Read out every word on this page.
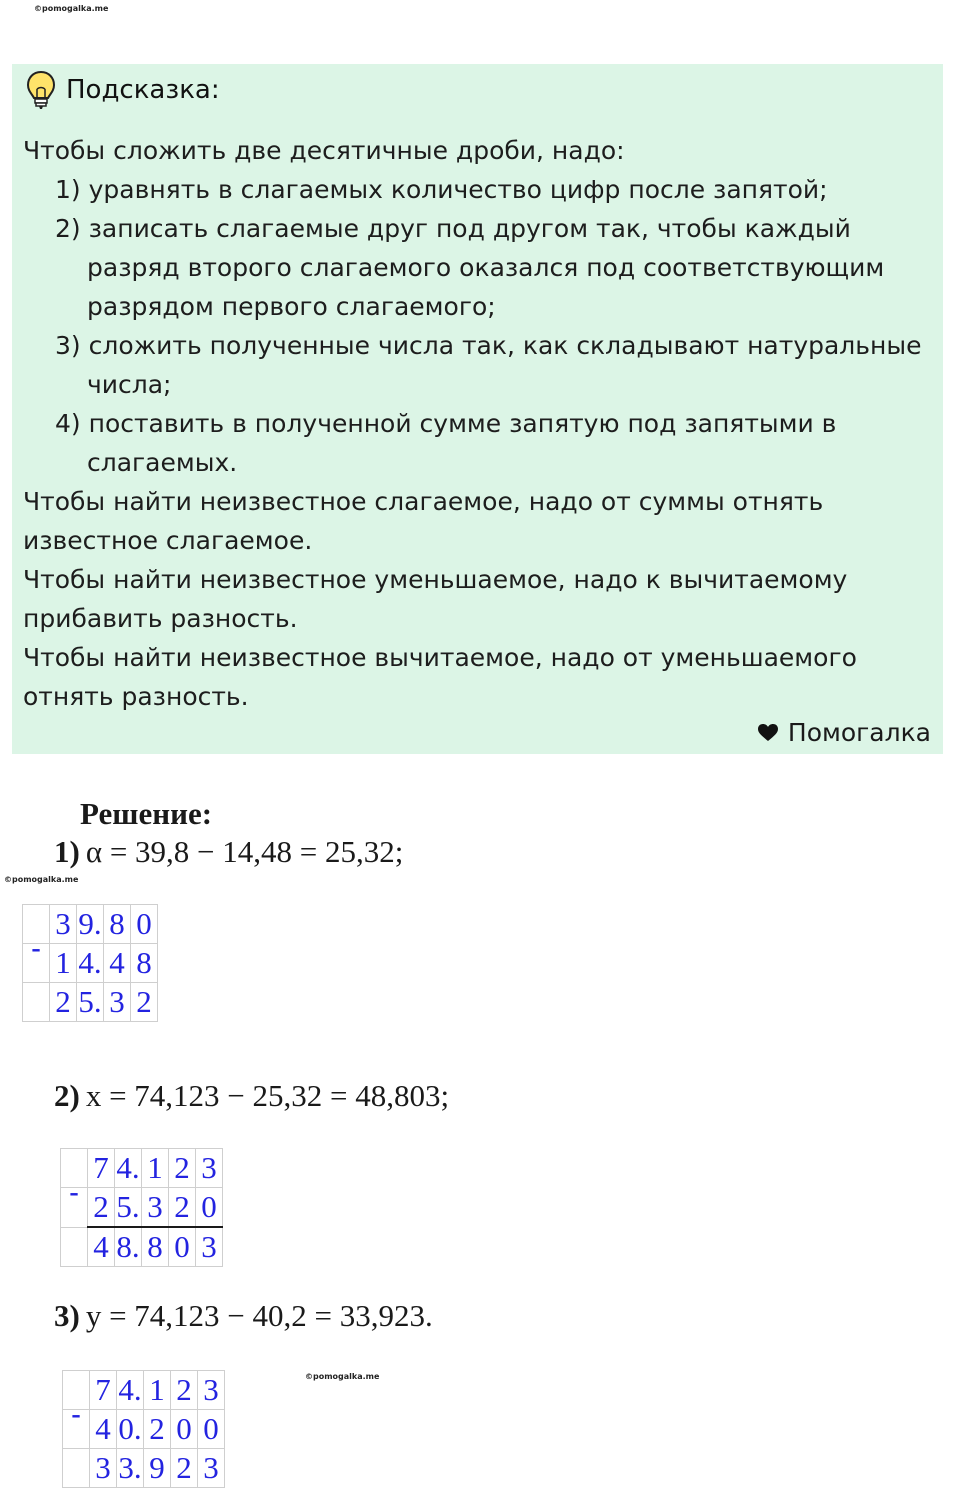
©pomogalka.me
Подсказка:
Чтобы сложить две десятичные дроби, надо:
1) уравнять в слагаемых количество цифр после запятой;
2) записать слагаемые друг под другом так, чтобы каждый
разряд второго слагаемого оказался под соответствующим
разрядом первого слагаемого;
3) сложить полученные числа так, как складывают натуральные
числа;
4) поставить в полученной сумме запятую под запятыми в
слагаемых.
Чтобы найти неизвестное слагаемое, надо от суммы отнять
известное слагаемое.
Чтобы найти неизвестное уменьшаемое, надо к вычитаемому
прибавить разность.
Чтобы найти неизвестное вычитаемое, надо от уменьшаемого
отнять разность.
Помогалка
Решение:
1) α = 39,8 − 14,48 = 25,32;
©pomogalka.me
	3	9.	8	0
-	1	4.	4	8
	2	5.	3	2
2) x = 74,123 − 25,32 = 48,803;
	7	4.	1	2	3
-	2	5.	3	2	0
	4	8.	8	0	3
3) y = 74,123 − 40,2 = 33,923.
©pomogalka.me
	7	4.	1	2	3
-	4	0.	2	0	0
	3	3.	9	2	3
